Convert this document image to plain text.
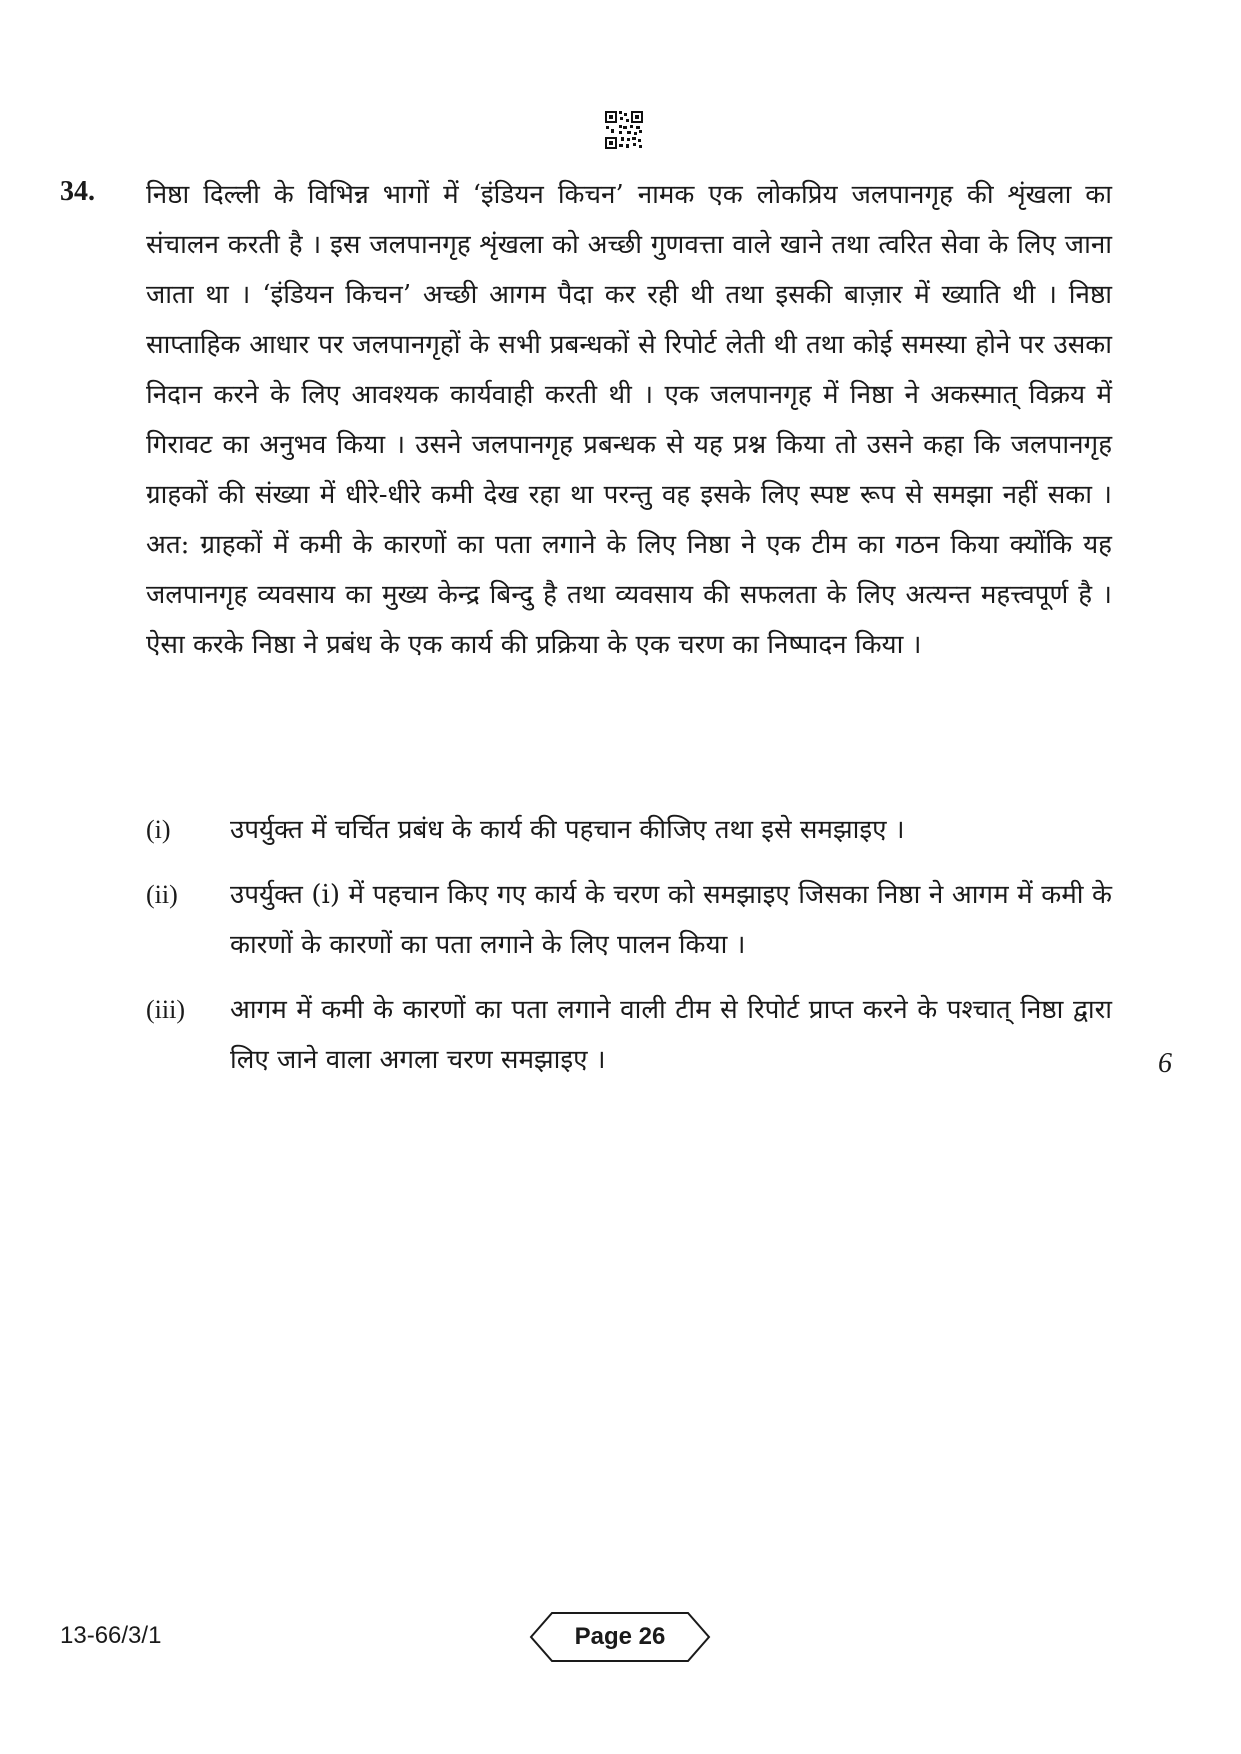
34. निष्ठा दिल्ली के विभिन्न भागों में ‘इंडियन किचन’ नामक एक लोकप्रिय जलपानगृह की शृंखला का संचालन करती है । इस जलपानगृह शृंखला को अच्छी गुणवत्ता वाले खाने तथा त्वरित सेवा के लिए जाना जाता था । ‘इंडियन किचन’ अच्छी आगम पैदा कर रही थी तथा इसकी बाज़ार में ख्याति थी । निष्ठा साप्ताहिक आधार पर जलपानगृहों के सभी प्रबन्धकों से रिपोर्ट लेती थी तथा कोई समस्या होने पर उसका निदान करने के लिए आवश्यक कार्यवाही करती थी । एक जलपानगृह में निष्ठा ने अकस्मात् विक्रय में गिरावट का अनुभव किया । उसने जलपानगृह प्रबन्धक से यह प्रश्न किया तो उसने कहा कि जलपानगृह ग्राहकों की संख्या में धीरे-धीरे कमी देख रहा था परन्तु वह इसके लिए स्पष्ट रूप से समझा नहीं सका । अत: ग्राहकों में कमी के कारणों का पता लगाने के लिए निष्ठा ने एक टीम का गठन किया क्योंकि यह जलपानगृह व्यवसाय का मुख्य केन्द्र बिन्दु है तथा व्यवसाय की सफलता के लिए अत्यन्त महत्त्वपूर्ण है । ऐसा करके निष्ठा ने प्रबंध के एक कार्य की प्रक्रिया के एक चरण का निष्पादन किया ।

(i) उपर्युक्त में चर्चित प्रबंध के कार्य की पहचान कीजिए तथा इसे समझाइए ।
(ii) उपर्युक्त (i) में पहचान किए गए कार्य के चरण को समझाइए जिसका निष्ठा ने आगम में कमी के कारणों के कारणों का पता लगाने के लिए पालन किया ।
(iii) आगम में कमी के कारणों का पता लगाने वाली टीम से रिपोर्ट प्राप्त करने के पश्चात् निष्ठा द्वारा लिए जाने वाला अगला चरण समझाइए ।	6
13-66/3/1	Page 26
